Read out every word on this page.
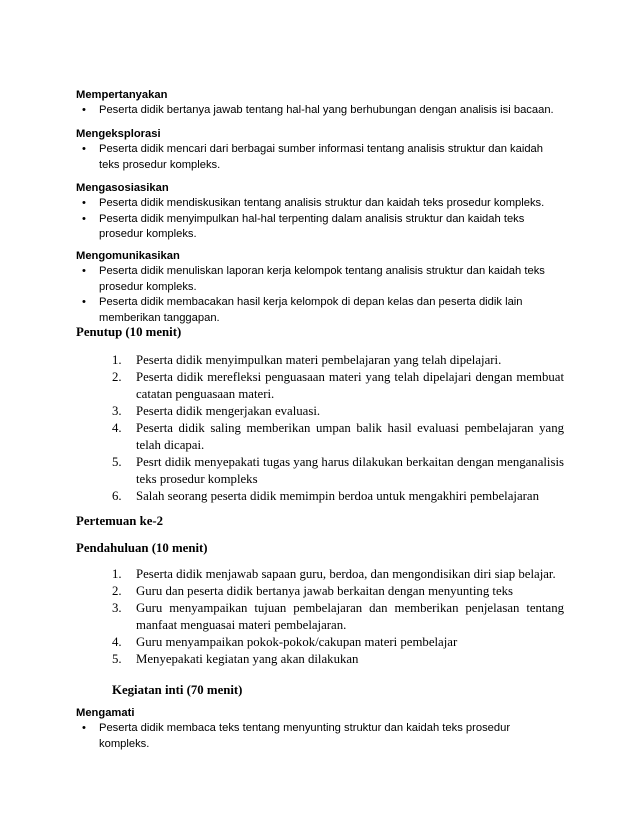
Mempertanyakan
• Peserta didik bertanya jawab tentang hal-hal yang berhubungan dengan analisis isi bacaan.
Mengeksplorasi
• Peserta didik mencari dari berbagai sumber informasi tentang analisis struktur dan kaidah teks prosedur kompleks.
Mengasosiasikan
• Peserta didik mendiskusikan tentang analisis struktur dan kaidah teks prosedur kompleks.
• Peserta didik menyimpulkan hal-hal terpenting dalam analisis struktur dan kaidah teks prosedur kompleks.
Mengomunikasikan
• Peserta didik menuliskan laporan kerja kelompok tentang analisis struktur dan kaidah teks prosedur kompleks.
• Peserta didik membacakan hasil kerja kelompok di depan kelas dan peserta didik lain memberikan tanggapan.
Penutup (10 menit)
1. Peserta didik menyimpulkan materi pembelajaran yang telah dipelajari.
2. Peserta didik merefleksi penguasaan materi yang telah dipelajari dengan membuat catatan penguasaan materi.
3. Peserta didik mengerjakan evaluasi.
4. Peserta didik saling memberikan umpan balik hasil evaluasi pembelajaran yang telah dicapai.
5. Pesrt didik menyepakati tugas yang harus dilakukan berkaitan dengan menganalisis teks prosedur kompleks
6. Salah seorang peserta didik memimpin berdoa untuk mengakhiri pembelajaran
Pertemuan ke-2
Pendahuluan (10 menit)
1. Peserta didik menjawab sapaan guru, berdoa, dan mengondisikan diri siap belajar.
2. Guru dan peserta didik bertanya jawab berkaitan dengan menyunting teks
3. Guru menyampaikan tujuan pembelajaran dan memberikan penjelasan tentang manfaat menguasai materi pembelajaran.
4. Guru menyampaikan pokok-pokok/cakupan materi pembelajar
5. Menyepakati kegiatan yang akan dilakukan
Kegiatan inti (70 menit)
Mengamati
• Peserta didik membaca teks tentang menyunting struktur dan kaidah teks prosedur kompleks.
